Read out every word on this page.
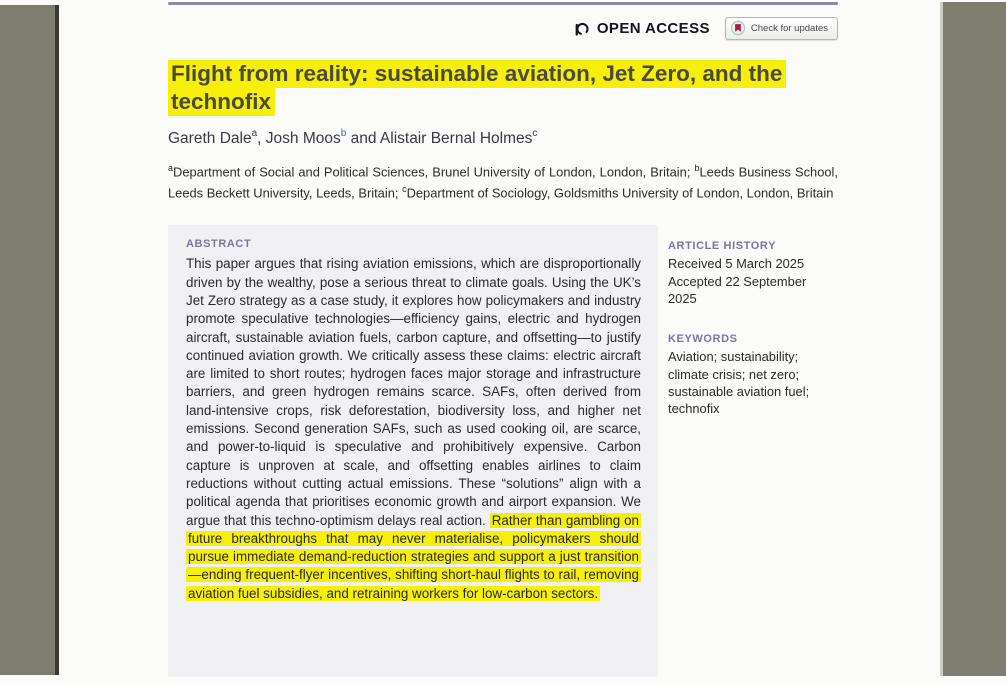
OPEN ACCESS	Check for updates
Flight from reality: sustainable aviation, Jet Zero, and the
technofix

Gareth Dale$^a$, Josh Moos$^b$ and Alistair Bernal Holmes$^c$

$^a$Department of Social and Political Sciences, Brunel University of London, London, Britain; $^b$Leeds Business School, Leeds Beckett University, Leeds, Britain; $^c$Department of Sociology, Goldsmiths University of London, London, Britain

ABSTRACT

This paper argues that rising aviation emissions, which are disproportionally driven by the wealthy, pose a serious threat to climate goals. Using the UK’s Jet Zero strategy as a case study, it explores how policymakers and industry promote speculative technologies—efficiency gains, electric and hydrogen aircraft, sustainable aviation fuels, carbon capture, and offsetting—to justify continued aviation growth. We critically assess these claims: electric aircraft are limited to short routes; hydrogen faces major storage and infrastructure barriers, and green hydrogen remains scarce. SAFs, often derived from land-intensive crops, risk deforestation, biodiversity loss, and higher net emissions. Second generation SAFs, such as used cooking oil, are scarce, and power-to-liquid is speculative and prohibitively expensive. Carbon capture is unproven at scale, and offsetting enables airlines to claim reductions without cutting actual emissions. These “solutions” align with a political agenda that prioritises economic growth and airport expansion. We argue that this techno-optimism delays real action. Rather than gambling on future breakthroughs that may never materialise, policymakers should pursue immediate demand-reduction strategies and support a just transition—ending frequent-flyer incentives, shifting short-haul flights to rail, removing aviation fuel subsidies, and retraining workers for low-carbon sectors.

ARTICLE HISTORY
Received 5 March 2025
Accepted 22 September 2025
KEYWORDS
Aviation; sustainability; climate crisis; net zero; sustainable aviation fuel; technofix
